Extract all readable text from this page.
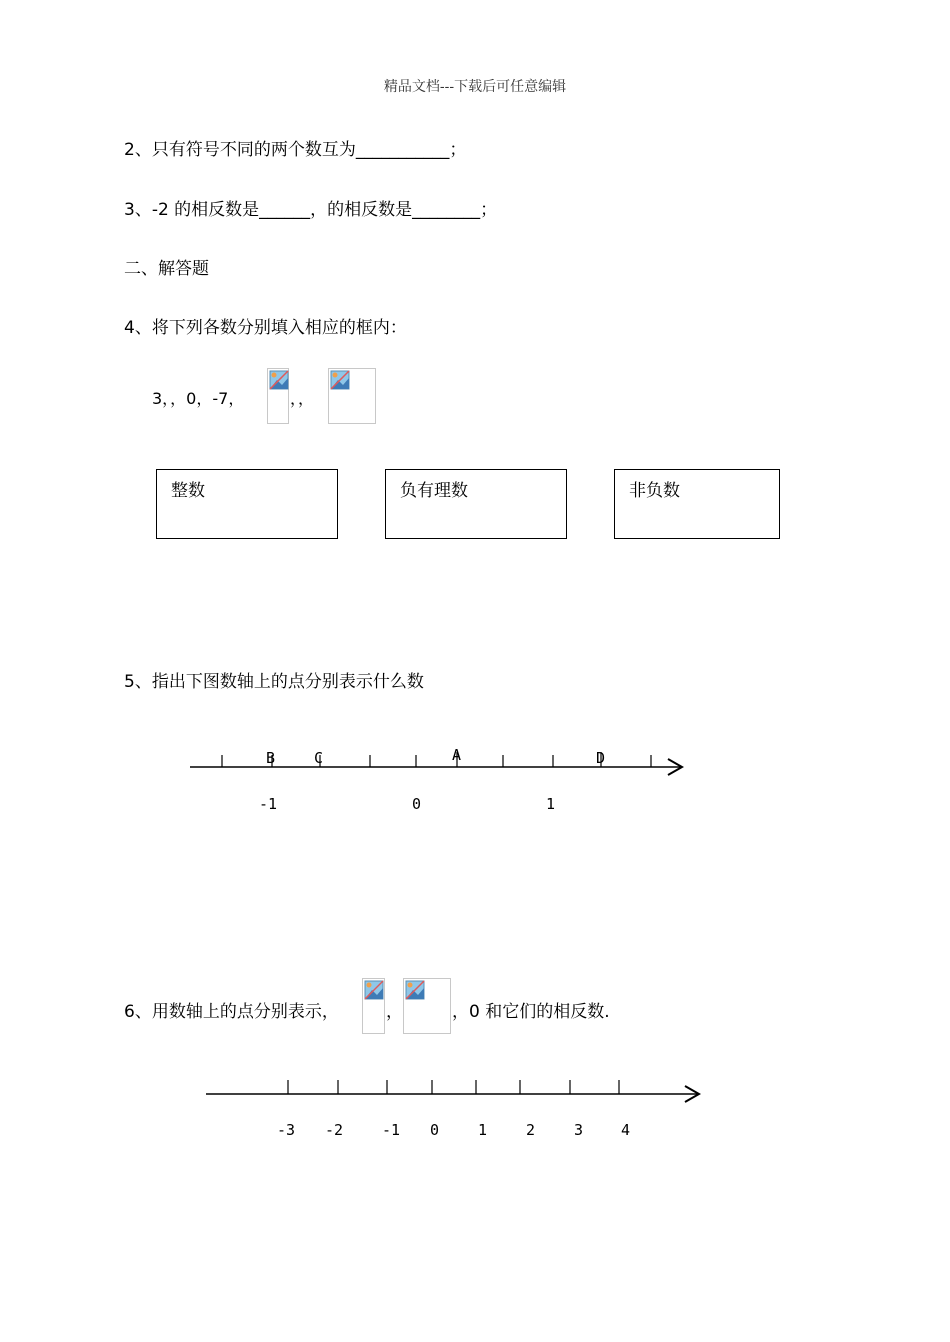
精品文档---下载后可任意编辑
2、只有符号不同的两个数互为___________；
3、-2 的相反数是______，的相反数是________；
二、解答题
4、将下列各数分别填入相应的框内：
3，，0，-7，	，，
整数	负有理数	非负数
5、指出下图数轴上的点分别表示什么数
B	C	A	D
-1	0	1
6、用数轴上的点分别表示，	，	，0 和它们的相反数.
-3 -2	-1 0	1	2	3	4
